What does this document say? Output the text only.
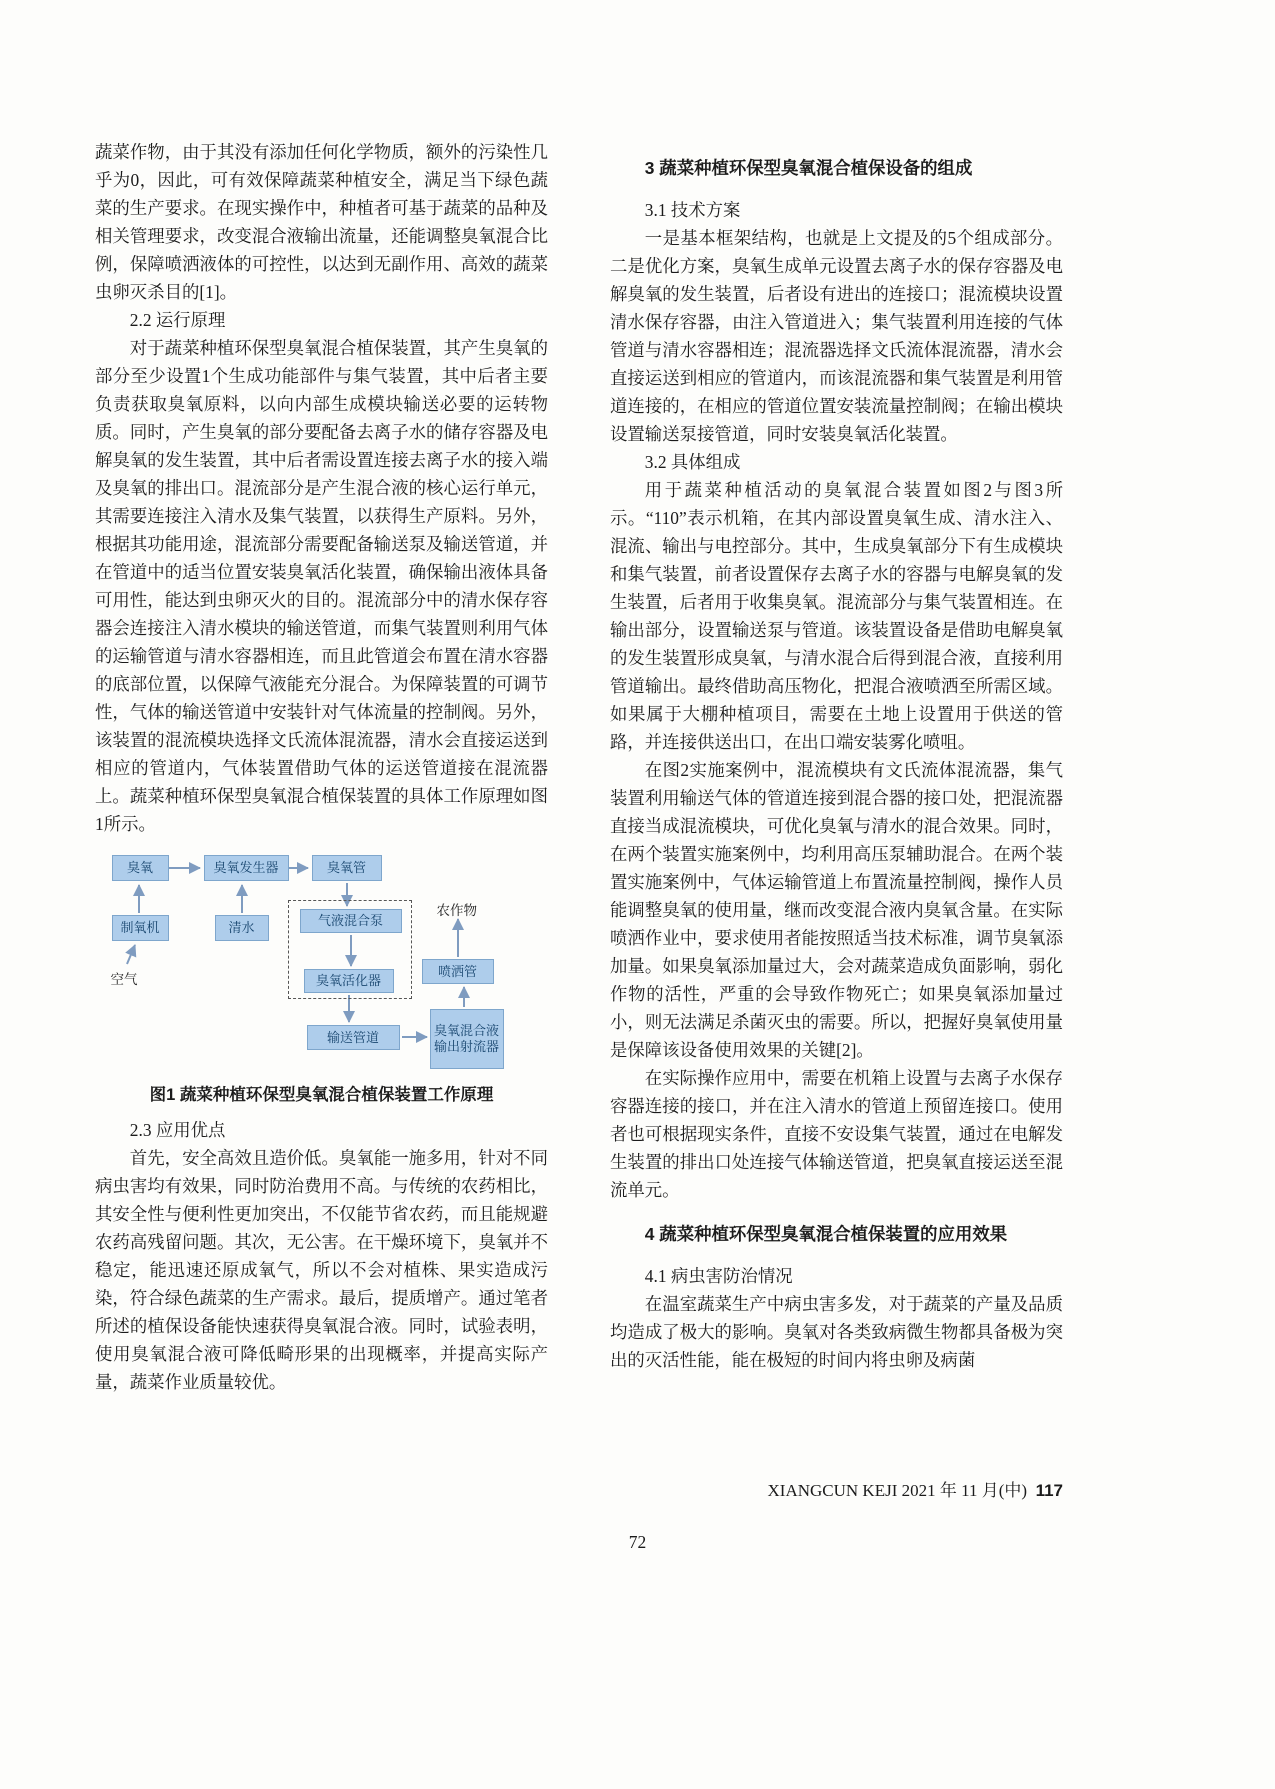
蔬菜作物，由于其没有添加任何化学物质，额外的污染性几乎为0，因此，可有效保障蔬菜种植安全，满足当下绿色蔬菜的生产要求。在现实操作中，种植者可基于蔬菜的品种及相关管理要求，改变混合液输出流量，还能调整臭氧混合比例，保障喷洒液体的可控性，以达到无副作用、高效的蔬菜虫卵灭杀目的[1]。

2.2 运行原理

对于蔬菜种植环保型臭氧混合植保装置，其产生臭氧的部分至少设置1个生成功能部件与集气装置，其中后者主要负责获取臭氧原料，以向内部生成模块输送必要的运转物质。同时，产生臭氧的部分要配备去离子水的储存容器及电解臭氧的发生装置，其中后者需设置连接去离子水的接入端及臭氧的排出口。混流部分是产生混合液的核心运行单元，其需要连接注入清水及集气装置，以获得生产原料。另外，根据其功能用途，混流部分需要配备输送泵及输送管道，并在管道中的适当位置安装臭氧活化装置，确保输出液体具备可用性，能达到虫卵灭火的目的。混流部分中的清水保存容器会连接注入清水模块的输送管道，而集气装置则利用气体的运输管道与清水容器相连，而且此管道会布置在清水容器的底部位置，以保障气液能充分混合。为保障装置的可调节性，气体的输送管道中安装针对气体流量的控制阀。另外，该装置的混流模块选择文氏流体混流器，清水会直接运送到相应的管道内，气体装置借助气体的运送管道接在混流器上。蔬菜种植环保型臭氧混合植保装置的具体工作原理如图1所示。

臭氧	臭氧发生器	臭氧管
制氧机	清水	气液混合泵
臭氧活化器
喷洒管
输送管道	臭氧混合液输出射流器
农作物
空气
图1 蔬菜种植环保型臭氧混合植保装置工作原理
2.3 应用优点

首先，安全高效且造价低。臭氧能一施多用，针对不同病虫害均有效果，同时防治费用不高。与传统的农药相比，其安全性与便利性更加突出，不仅能节省农药，而且能规避农药高残留问题。其次，无公害。在干燥环境下，臭氧并不稳定，能迅速还原成氧气，所以不会对植株、果实造成污染，符合绿色蔬菜的生产需求。最后，提质增产。通过笔者所述的植保设备能快速获得臭氧混合液。同时，试验表明，使用臭氧混合液可降低畸形果的出现概率，并提高实际产量，蔬菜作业质量较优。

3 蔬菜种植环保型臭氧混合植保设备的组成
3.1 技术方案

一是基本框架结构，也就是上文提及的5个组成部分。二是优化方案，臭氧生成单元设置去离子水的保存容器及电解臭氧的发生装置，后者设有进出的连接口；混流模块设置清水保存容器，由注入管道进入；集气装置利用连接的气体管道与清水容器相连；混流器选择文氏流体混流器，清水会直接运送到相应的管道内，而该混流器和集气装置是利用管道连接的，在相应的管道位置安装流量控制阀；在输出模块设置输送泵接管道，同时安装臭氧活化装置。

3.2 具体组成

用于蔬菜种植活动的臭氧混合装置如图2与图3所示。“110”表示机箱，在其内部设置臭氧生成、清水注入、混流、输出与电控部分。其中，生成臭氧部分下有生成模块和集气装置，前者设置保存去离子水的容器与电解臭氧的发生装置，后者用于收集臭氧。混流部分与集气装置相连。在输出部分，设置输送泵与管道。该装置设备是借助电解臭氧的发生装置形成臭氧，与清水混合后得到混合液，直接利用管道输出。最终借助高压物化，把混合液喷洒至所需区域。如果属于大棚种植项目，需要在土地上设置用于供送的管路，并连接供送出口，在出口端安装雾化喷咀。

在图2实施案例中，混流模块有文氏流体混流器，集气装置利用输送气体的管道连接到混合器的接口处，把混流器直接当成混流模块，可优化臭氧与清水的混合效果。同时，在两个装置实施案例中，均利用高压泵辅助混合。在两个装置实施案例中，气体运输管道上布置流量控制阀，操作人员能调整臭氧的使用量，继而改变混合液内臭氧含量。在实际喷洒作业中，要求使用者能按照适当技术标准，调节臭氧添加量。如果臭氧添加量过大，会对蔬菜造成负面影响，弱化作物的活性，严重的会导致作物死亡；如果臭氧添加量过小，则无法满足杀菌灭虫的需要。所以，把握好臭氧使用量是保障该设备使用效果的关键[2]。

在实际操作应用中，需要在机箱上设置与去离子水保存容器连接的接口，并在注入清水的管道上预留连接口。使用者也可根据现实条件，直接不安设集气装置，通过在电解发生装置的排出口处连接气体输送管道，把臭氧直接运送至混流单元。

4 蔬菜种植环保型臭氧混合植保装置的应用效果
4.1 病虫害防治情况

在温室蔬菜生产中病虫害多发，对于蔬菜的产量及品质均造成了极大的影响。臭氧对各类致病微生物都具备极为突出的灭活性能，能在极短的时间内将虫卵及病菌

XIANGCUN KEJI 2021 年 11 月(中) 117
72
